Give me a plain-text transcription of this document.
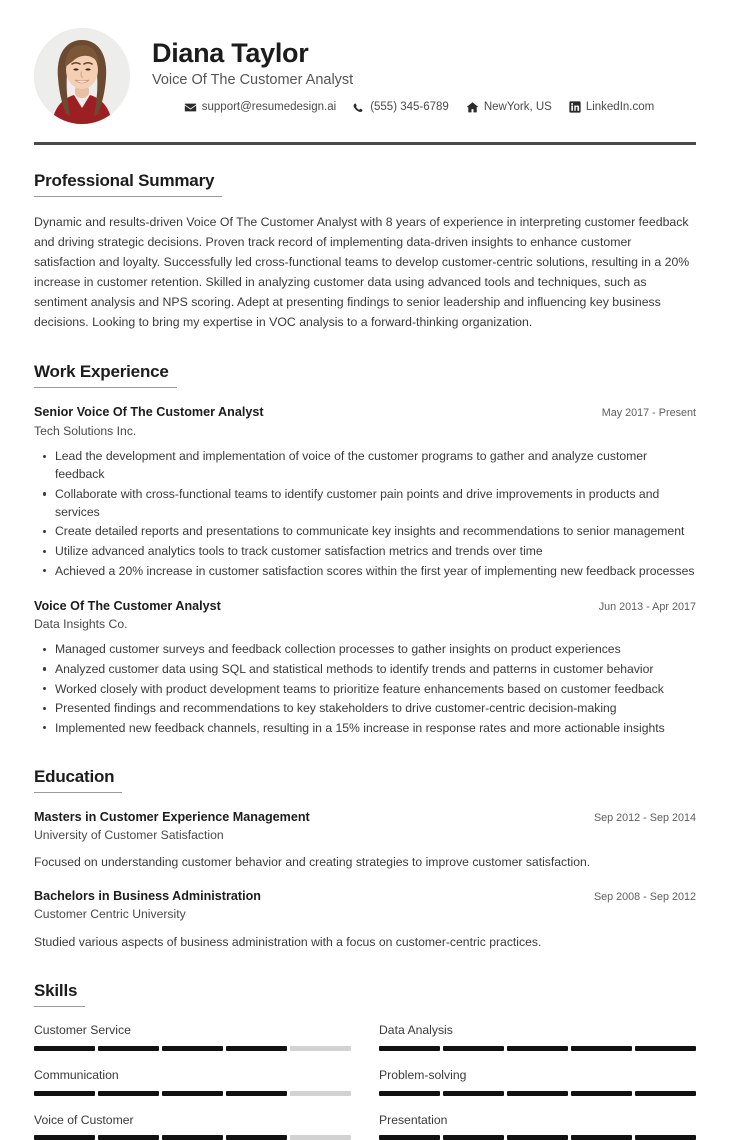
Diana Taylor
Voice Of The Customer Analyst
support@resumedesign.ai	(555) 345-6789	NewYork, US	LinkedIn.com
Professional Summary

Dynamic and results-driven Voice Of The Customer Analyst with 8 years of experience in interpreting customer feedback and driving strategic decisions. Proven track record of implementing data-driven insights to enhance customer satisfaction and loyalty. Successfully led cross-functional teams to develop customer-centric solutions, resulting in a 20% increase in customer retention. Skilled in analyzing customer data using advanced tools and techniques, such as sentiment analysis and NPS scoring. Adept at presenting findings to senior leadership and influencing key business decisions. Looking to bring my expertise in VOC analysis to a forward-thinking organization.

Work Experience
Senior Voice Of The Customer Analyst	May 2017 - Present
Tech Solutions Inc.
Lead the development and implementation of voice of the customer programs to gather and analyze customer feedback
Collaborate with cross-functional teams to identify customer pain points and drive improvements in products and services
Create detailed reports and presentations to communicate key insights and recommendations to senior management
Utilize advanced analytics tools to track customer satisfaction metrics and trends over time
Achieved a 20% increase in customer satisfaction scores within the first year of implementing new feedback processes
Voice Of The Customer Analyst	Jun 2013 - Apr 2017
Data Insights Co.
Managed customer surveys and feedback collection processes to gather insights on product experiences
Analyzed customer data using SQL and statistical methods to identify trends and patterns in customer behavior
Worked closely with product development teams to prioritize feature enhancements based on customer feedback
Presented findings and recommendations to key stakeholders to drive customer-centric decision-making
Implemented new feedback channels, resulting in a 15% increase in response rates and more actionable insights
Education
Masters in Customer Experience Management	Sep 2012 - Sep 2014
University of Customer Satisfaction
Focused on understanding customer behavior and creating strategies to improve customer satisfaction.
Bachelors in Business Administration	Sep 2008 - Sep 2012
Customer Centric University
Studied various aspects of business administration with a focus on customer-centric practices.
Skills
Customer Service	Data Analysis
Communication	Problem-solving
Voice of Customer	Presentation
